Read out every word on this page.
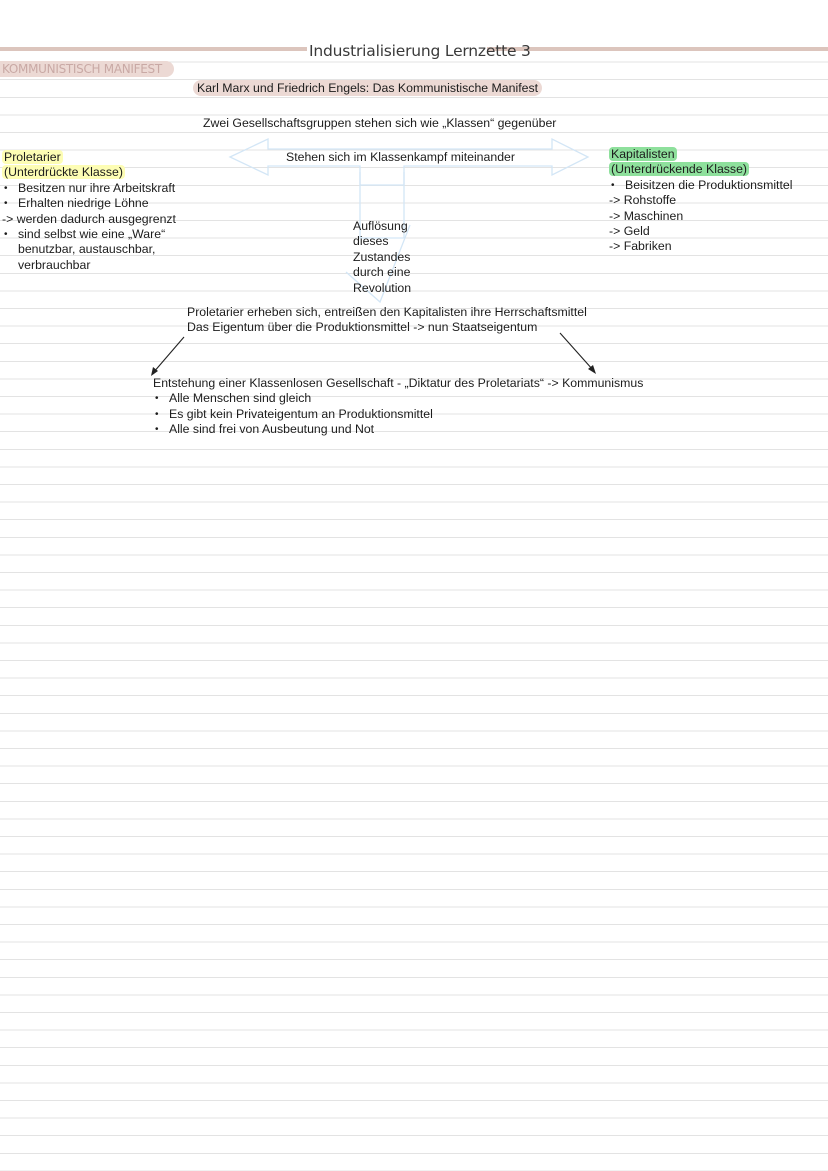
Industrialisierung Lernzette 3
KOMMUNISTISCH MANIFEST
Karl Marx und Friedrich Engels: Das Kommunistische Manifest
Zwei Gesellschaftsgruppen stehen sich wie „Klassen“ gegenüber
Stehen sich im Klassenkampf miteinander
Proletarier
(Unterdrückte Klasse)
• Besitzen nur ihre Arbeitskraft
• Erhalten niedrige Löhne
-> werden dadurch ausgegrenzt
• sind selbst wie eine „Ware“
benutzbar, austauschbar,
verbrauchbar
Kapitalisten
(Unterdrückende Klasse)
• Beisitzen die Produktionsmittel
-> Rohstoffe
-> Maschinen
-> Geld
-> Fabriken
Auflösung
dieses
Zustandes
durch eine
Revolution
Proletarier erheben sich, entreißen den Kapitalisten ihre Herrschaftsmittel
Das Eigentum über die Produktionsmittel -> nun Staatseigentum
Entstehung einer Klassenlosen Gesellschaft - „Diktatur des Proletariats“ -> Kommunismus
• Alle Menschen sind gleich
• Es gibt kein Privateigentum an Produktionsmittel
• Alle sind frei von Ausbeutung und Not
